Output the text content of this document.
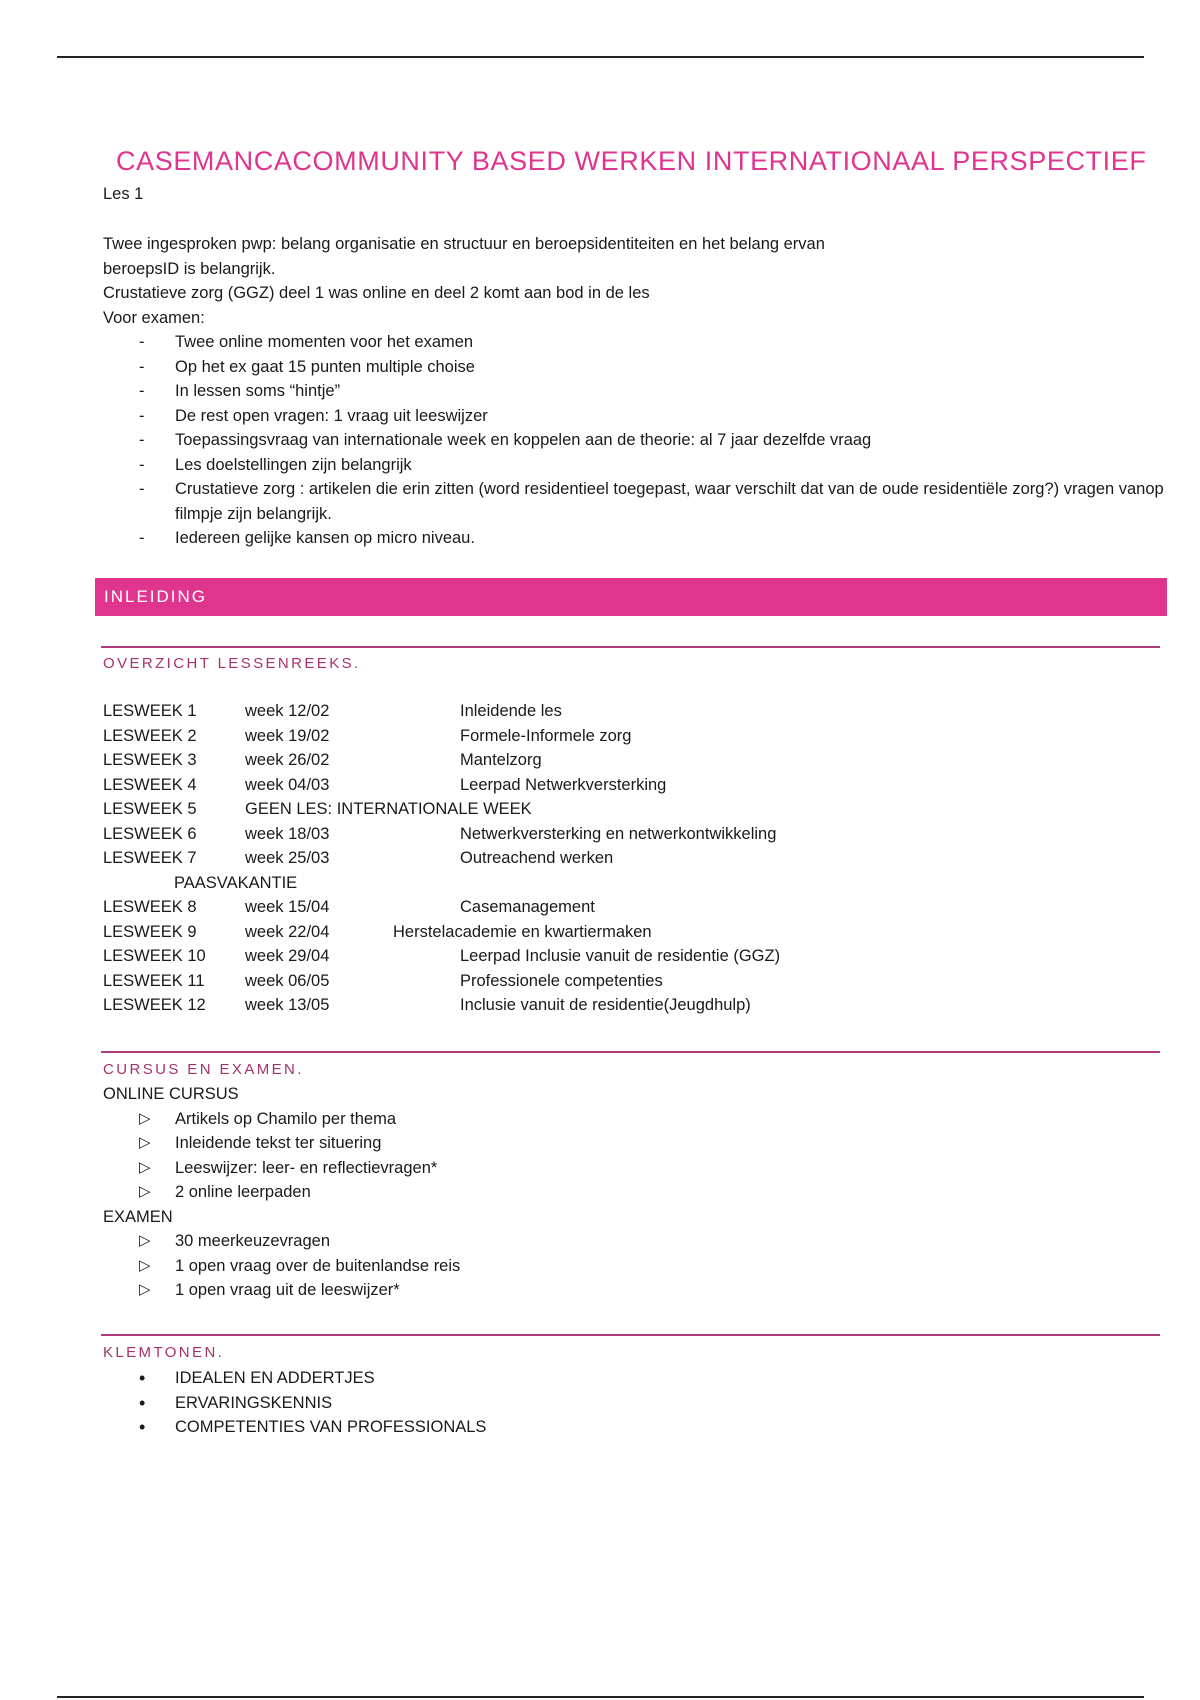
CASEMANCACOMMUNITY BASED WERKEN INTERNATIONAAL PERSPECTIEF
Les 1
Twee ingesproken pwp: belang organisatie en structuur en beroepsidentiteiten en het belang ervan
beroepsID is belangrijk.
Crustatieve zorg (GGZ) deel 1 was online en deel 2 komt aan bod in de les
Voor examen:
- Twee online momenten voor het examen
- Op het ex gaat 15 punten multiple choise
- In lessen soms “hintje”
- De rest open vragen: 1 vraag uit leeswijzer
- Toepassingsvraag van internationale week en koppelen aan de theorie: al 7 jaar dezelfde vraag
- Les doelstellingen zijn belangrijk
- Crustatieve zorg : artikelen die erin zitten (word residentieel toegepast, waar verschilt dat van de oude residentiële zorg?) vragen vanop filmpje zijn belangrijk.
- Iedereen gelijke kansen op micro niveau.
INLEIDING
OVERZICHT LESSENREEKS.
LESWEEK 1	week 12/02	Inleidende les
LESWEEK 2	week 19/02	Formele-Informele zorg
LESWEEK 3	week 26/02	Mantelzorg
LESWEEK 4	week 04/03	Leerpad Netwerkversterking
LESWEEK 5	GEEN LES: INTERNATIONALE WEEK
LESWEEK 6	week 18/03	Netwerkversterking en netwerkontwikkeling
LESWEEK 7	week 25/03	Outreachend werken
PAASVAKANTIE
LESWEEK 8	week 15/04	Casemanagement
LESWEEK 9	week 22/04	Herstelacademie en kwartiermaken
LESWEEK 10 week 29/04	Leerpad Inclusie vanuit de residentie (GGZ)
LESWEEK 11 week 06/05	Professionele competenties
LESWEEK 12 week 13/05	Inclusie vanuit de residentie(Jeugdhulp)
CURSUS EN EXAMEN.
ONLINE CURSUS
▷ Artikels op Chamilo per thema
▷ Inleidende tekst ter situering
▷ Leeswijzer: leer- en reflectievragen*
▷ 2 online leerpaden
EXAMEN
▷ 30 meerkeuzevragen
▷ 1 open vraag over de buitenlandse reis
▷ 1 open vraag uit de leeswijzer*
KLEMTONEN.
• IDEALEN EN ADDERTJES
• ERVARINGSKENNIS
• COMPETENTIES VAN PROFESSIONALS
